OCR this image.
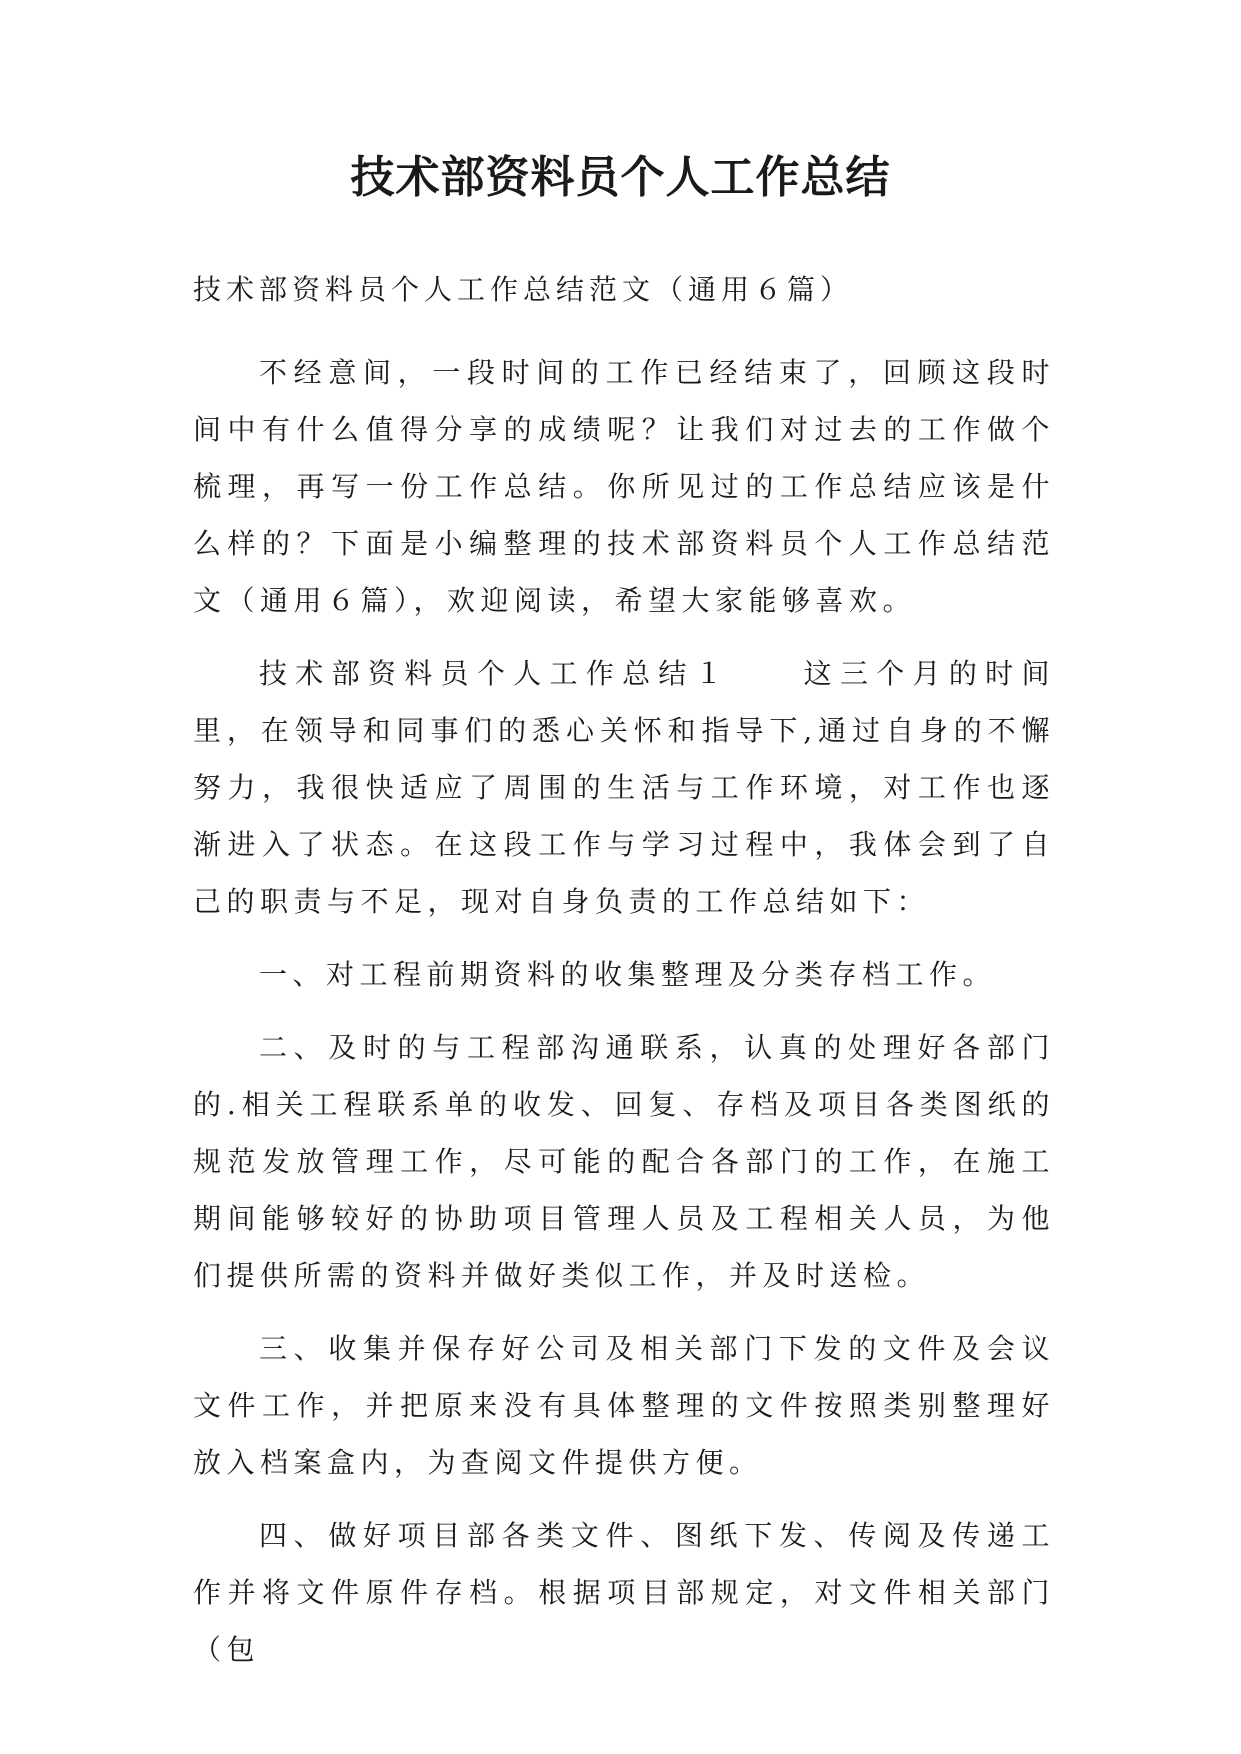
技术部资料员个人工作总结

技术部资料员个人工作总结范文（通用６篇）

不经意间，一段时间的工作已经结束了，回顾这段时间中有什么值得分享的成绩呢？让我们对过去的工作做个梳理，再写一份工作总结。你所见过的工作总结应该是什么样的？下面是小编整理的技术部资料员个人工作总结范文（通用６篇），欢迎阅读，希望大家能够喜欢。

技术部资料员个人工作总结１　　这三个月的时间里，在领导和同事们的悉心关怀和指导下,通过自身的不懈努力，我很快适应了周围的生活与工作环境，对工作也逐渐进入了状态。在这段工作与学习过程中，我体会到了自己的职责与不足，现对自身负责的工作总结如下：

一、对工程前期资料的收集整理及分类存档工作。

二、及时的与工程部沟通联系，认真的处理好各部门的.相关工程联系单的收发、回复、存档及项目各类图纸的规范发放管理工作，尽可能的配合各部门的工作，在施工期间能够较好的协助项目管理人员及工程相关人员，为他们提供所需的资料并做好类似工作，并及时送检。

三、收集并保存好公司及相关部门下发的文件及会议文件工作，并把原来没有具体整理的文件按照类别整理好放入档案盒内，为查阅文件提供方便。

四、做好项目部各类文件、图纸下发、传阅及传递工作并将文件原件存档。根据项目部规定，对文件相关部门（包
